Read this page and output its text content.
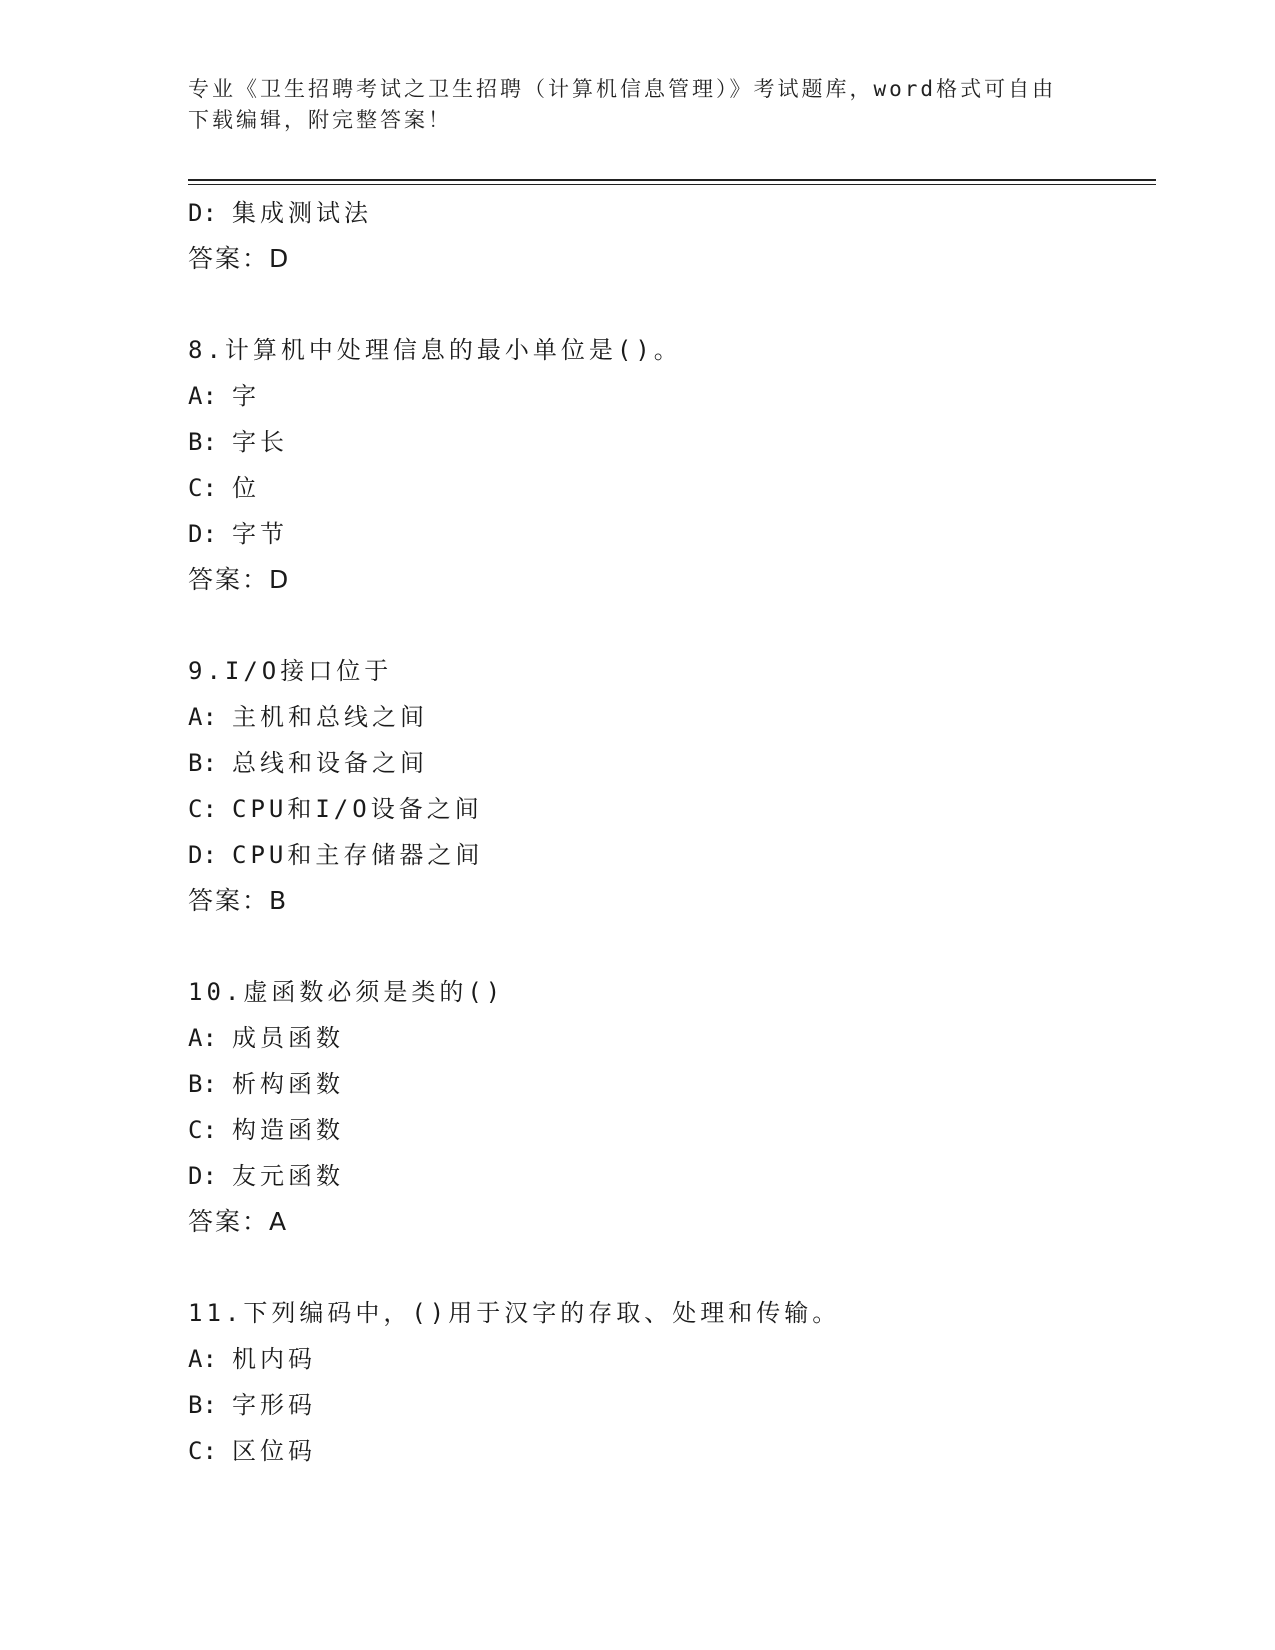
专业《卫生招聘考试之卫生招聘（计算机信息管理）》考试题库，word格式可自由下载编辑，附完整答案！
D: 集成测试法
答案：D
8.计算机中处理信息的最小单位是()。
A: 字
B: 字长
C: 位
D: 字节
答案：D
9.I/O接口位于
A: 主机和总线之间
B: 总线和设备之间
C: CPU和I/O设备之间
D: CPU和主存储器之间
答案：B
10.虚函数必须是类的()
A: 成员函数
B: 析构函数
C: 构造函数
D: 友元函数
答案：A
11.下列编码中，()用于汉字的存取、处理和传输。
A: 机内码
B: 字形码
C: 区位码
